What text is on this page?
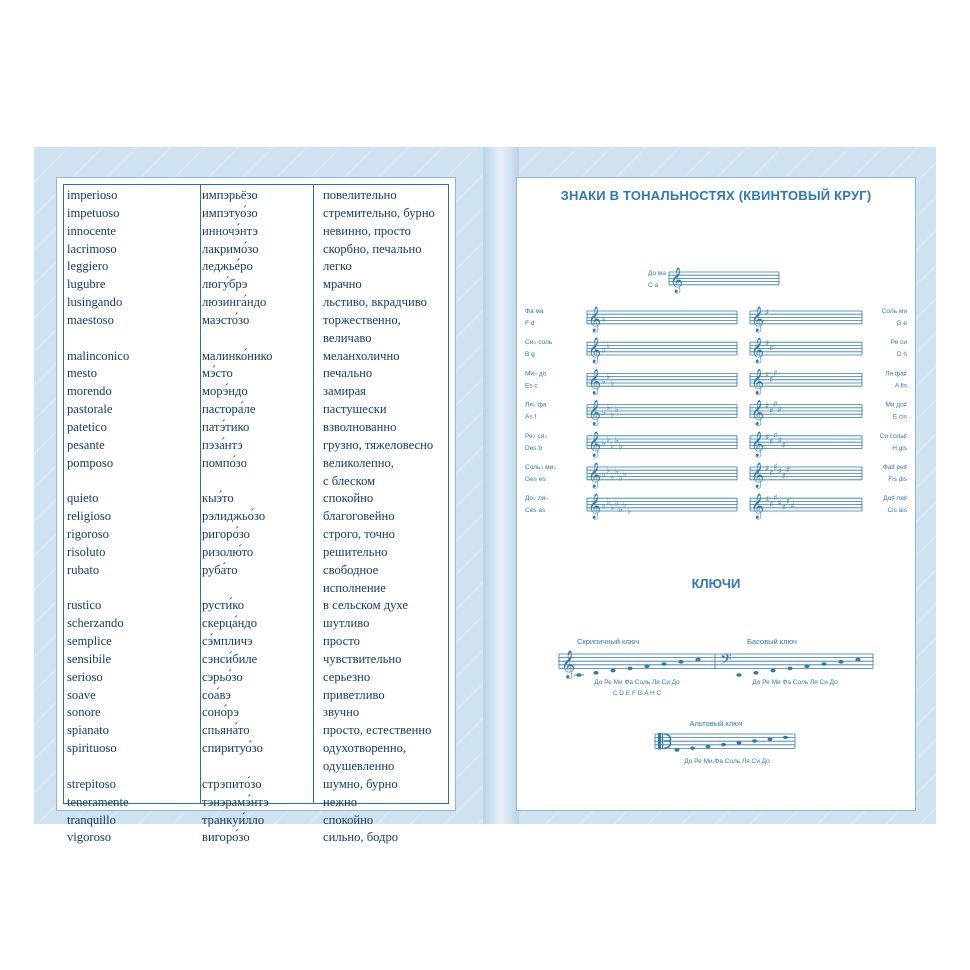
imperioso	импэрьёзо	повелительно
impetuoso	импэтуо́зо	стремительно, бурно
innocente	инночэ́нтэ	невинно, просто
lacrimoso	лакримо́зо	скорбно, печально
leggiero	леджье́ро	легко
lugubre	люгу́брэ	мрачно
lusingando	люзинга́ндо	льстиво, вкрадчиво
maestoso	маэсто́зо	торжественно,
		величаво
malinconico	малинко́нико	меланхолично
mesto	мэ́сто	печально
morendo	морэ́ндо	замирая
pastorale	пастора́ле	пастушески
patetico	патэ́тико	взволнованно
pesante	пэза́нтэ	грузно, тяжеловесно
pomposo	помпо́зо	великолепно,
		с блеском
quieto	кыэ́то	спокойно
religioso	рэлиджьо́зо	благоговейно
rigoroso	ригоро́зо	строго, точно
risoluto	ризолю́то	решительно
rubato	руба́то	свободное
		исполнение
rustico	русти́ко	в сельском духе
scherzando	скерца́ндо	шутливо
semplice	сэ́мпличэ	просто
sensibile	сэнси́биле	чувствительно
serioso	сэрьо́зо	серьезно
soave	соа́вэ	приветливо
sonore	соно́рэ	звучно
spianato	спьяна́то	просто, естественно
spirituoso	спиритуо́зо	одухотворенно,
		одушевленно
strepitoso	стрэпито́зо	шумно, бурно
teneramente	тэнэрамэ́нтэ	нежно
tranquillo	транкуи́лло	спокойно
vigoroso	вигоро́зо	сильно, бодро
ЗНАКИ В ТОНАЛЬНОСТЯХ (КВИНТОВЫЙ КРУГ)
До ма
C a 𝄞
Фа ма
F d 𝄞 ♭
Си♭ соль
B g 𝄞 ♭ ♭
Ми♭ до
Es c 𝄞 ♭ ♭
♭
Ля♭ фа
As f 𝄞 ♭ ♭
♭ ♭
Ре♭ си♭
Des b 𝄞 ♭ ♭
♭ ♭
♭
Соль♭ ми♭
Ges es 𝄞 ♭ ♭
♭ ♭
♭ ♭
До♭ ля♭
Ces as 𝄞 ♭ ♭
♭ ♭
♭ ♭
♭
𝄞 ♯	Соль ми
G e
𝄞 ♯ ♯
Ре си
D h
𝄞 ♯ ♯
♯	Ля фа♯
A fis
𝄞 ♯ ♯
♯ ♯	Ми до♯
E cis
𝄞 ♯ ♯
♯ ♯ ♯
Си соль♯
H gis
𝄞 ♯ ♯
♯ ♯ ♯
♯	Фа♯ ре♯
Fis dis
𝄞 ♯ ♯
♯ ♯ ♯
♯ ♯
До♯ ля♯
Cis ais
КЛЮЧИ
Скрипичный ключ	Басовый ключ
𝄞	𝄢
До Ре Ми Фа Соль Ля Си До
C D E F G A H C
До Ре Ми Фа Соль Ля Си До
Альтовый ключ
До Ре Ми Фа Соль Ля Си До
